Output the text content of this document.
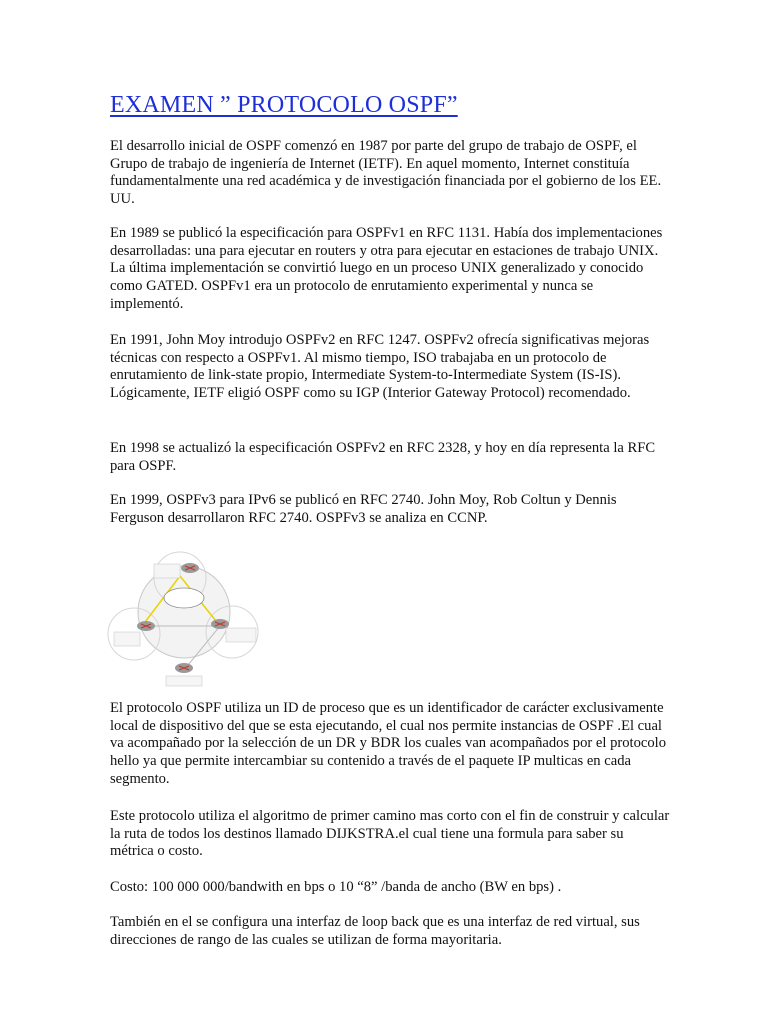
EXAMEN ” PROTOCOLO OSPF”

El desarrollo inicial de OSPF comenzó en 1987 por parte del grupo de trabajo de OSPF, el Grupo de trabajo de ingeniería de Internet (IETF). En aquel momento, Internet constituía fundamentalmente una red académica y de investigación financiada por el gobierno de los EE. UU.

En 1989 se publicó la especificación para OSPFv1 en RFC 1131. Había dos implementaciones desarrolladas: una para ejecutar en routers y otra para ejecutar en estaciones de trabajo UNIX. La última implementación se convirtió luego en un proceso UNIX generalizado y conocido como GATED. OSPFv1 era un protocolo de enrutamiento experimental y nunca se implementó.

En 1991, John Moy introdujo OSPFv2 en RFC 1247. OSPFv2 ofrecía significativas mejoras técnicas con respecto a OSPFv1. Al mismo tiempo, ISO trabajaba en un protocolo de enrutamiento de link-state propio, Intermediate System-to-Intermediate System (IS-IS). Lógicamente, IETF eligió OSPF como su IGP (Interior Gateway Protocol) recomendado.

En 1998 se actualizó la especificación OSPFv2 en RFC 2328, y hoy en día representa la RFC para OSPF.

En 1999, OSPFv3 para IPv6 se publicó en RFC 2740. John Moy, Rob Coltun y Dennis Ferguson desarrollaron RFC 2740. OSPFv3 se analiza en CCNP.

El protocolo OSPF utiliza un ID de proceso que es un identificador de carácter exclusivamente local de dispositivo del que se esta ejecutando, el cual nos permite instancias de OSPF .El cual va acompañado por la selección de un DR y BDR los cuales van acompañados por el protocolo hello ya que permite intercambiar su contenido a través de el paquete IP multicas en cada segmento.

Este protocolo utiliza el algoritmo de primer camino mas corto con el fin de construir y calcular la ruta de todos los destinos llamado DIJKSTRA.el cual tiene una formula para saber su métrica o costo.

Costo: 100 000 000/bandwith en bps o 10 “8” /banda de ancho (BW en bps) .

También en el se configura una interfaz de loop back que es una interfaz de red virtual, sus direcciones de rango de las cuales se utilizan de forma mayoritaria.
